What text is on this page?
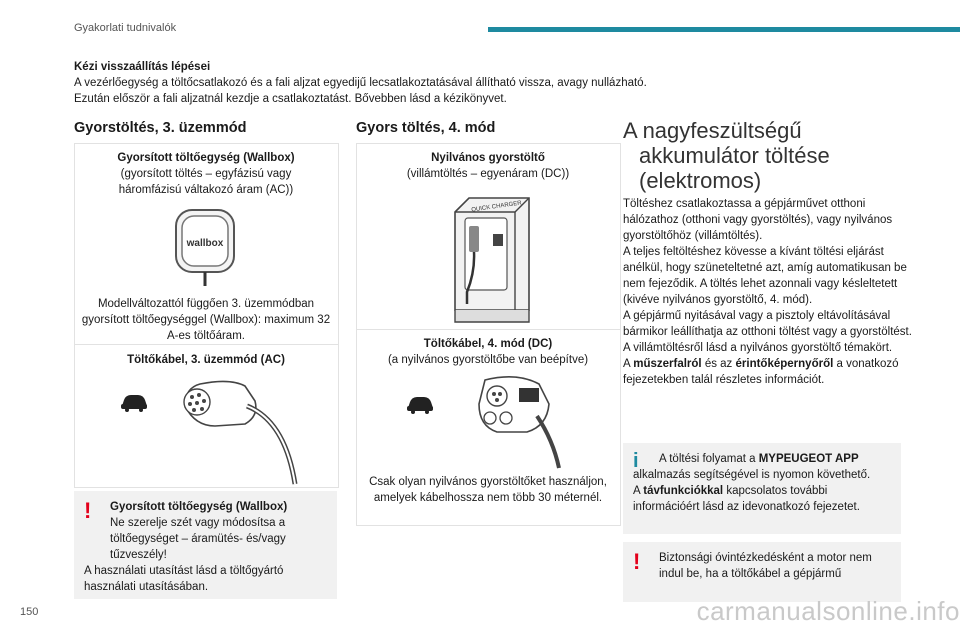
Gyakorlati tudnivalók
Kézi visszaállítás lépései
A vezérlőegység a töltőcsatlakozó és a fali aljzat egyedijű lecsatlakoztatásával állítható vissza, avagy nullázható.
Ezután először a fali aljzatnál kezdje a csatlakoztatást. Bővebben lásd a kézikönyvet.
Gyorstöltés, 3. üzemmód
Gyorsított töltőegység (Wallbox)
(gyorsított töltés – egyfázisú vagy háromfázisú váltakozó áram (AC))
wallbox
Modellváltozattól függően 3. üzemmódban gyorsított töltőegységgel (Wallbox): maximum 32 A-es töltőáram.
Töltőkábel, 3. üzemmód (AC)
!	Gyorsított töltőegység (Wallbox)
Ne szerelje szét vagy módosítsa a töltőegységet – áramütés- és/vagy tűzveszély!
A használati utasítást lásd a töltőgyártó használati utasításában.
Gyors töltés, 4. mód
Nyilvános gyorstöltő
(villámtöltés – egyenáram (DC))
QUICK CHARGER
Töltőkábel, 4. mód (DC)
(a nyilvános gyorstöltőbe van beépítve)
Csak olyan nyilvános gyorstöltőket használjon, amelyek kábelhossza nem több 30 méternél.
A nagyfeszültségű
akkumulátor töltése
(elektromos)
Töltéshez csatlakoztassa a gépjárművet otthoni hálózathoz (otthoni vagy gyorstöltés), vagy nyilvános gyorstöltőhöz (villámtöltés).
A teljes feltöltéshez kövesse a kívánt töltési eljárást anélkül, hogy szüneteltetné azt, amíg automatikusan be nem fejeződik. A töltés lehet azonnali vagy késleltetett (kivéve nyilvános gyorstöltő, 4. mód).
A gépjármű nyitásával vagy a pisztoly eltávolításával bármikor leállíthatja az otthoni töltést vagy a gyorstöltést. A villámtöltésről lásd a nyilvános gyorstöltő témakört.
A műszerfalról és az érintőképernyőről a vonatkozó fejezetekben talál részletes információt.
i	A töltési folyamat a MYPEUGEOT APP alkalmazás segítségével is nyomon követhető.
A távfunkciókkal kapcsolatos további információért lásd az idevonatkozó fejezetet.
!	Biztonsági óvintézkedésként a motor nem indul be, ha a töltőkábel a gépjármű
150	carmanualsonline.info
